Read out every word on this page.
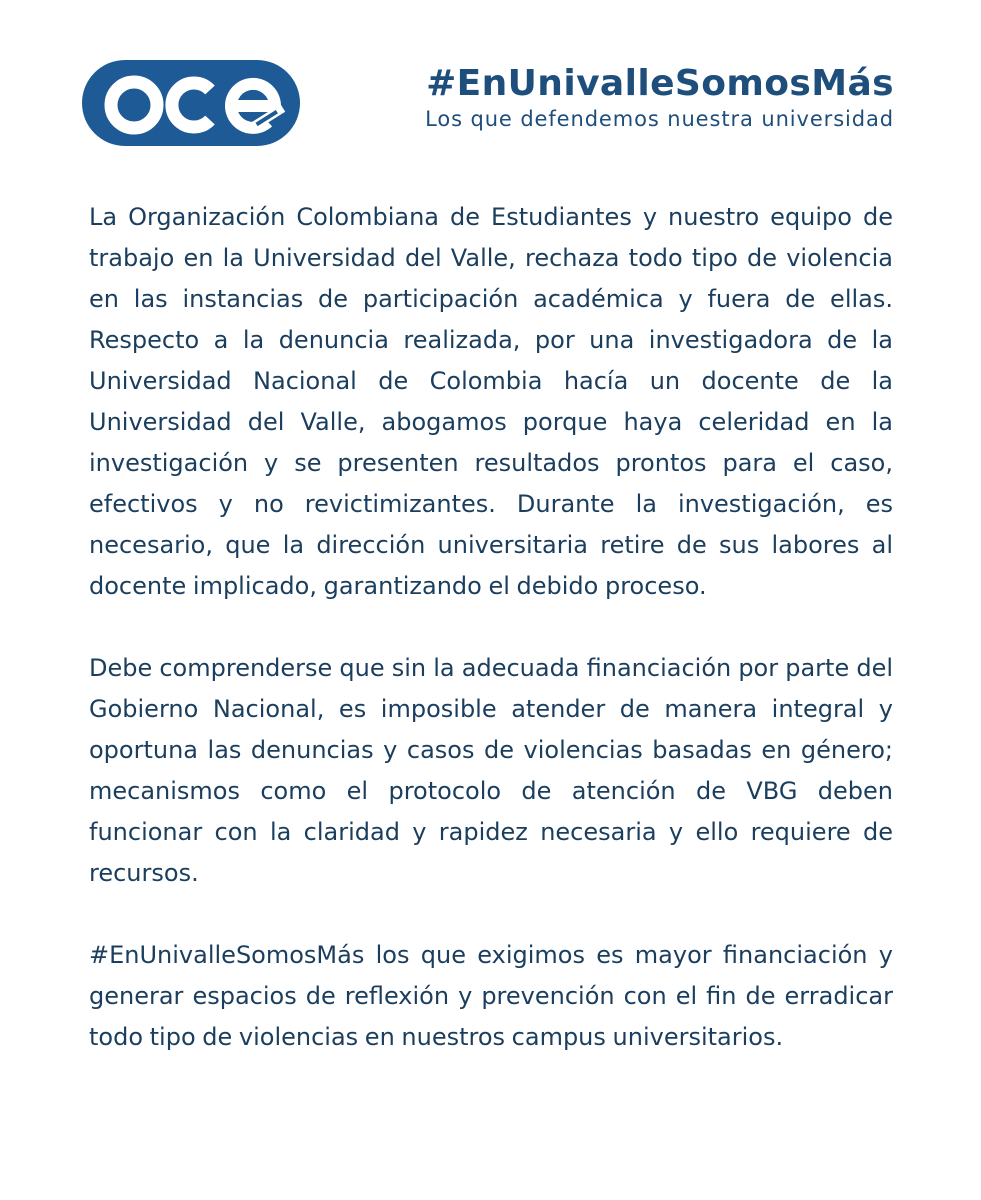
#EnUnivalleSomosMás
Los que defendemos nuestra universidad

La Organización Colombiana de Estudiantes y nuestro equipo de trabajo en la Universidad del Valle, rechaza todo tipo de violencia en las instancias de participación académica y fuera de ellas. Respecto a la denuncia realizada, por una investigadora de la Universidad Nacional de Colombia hacía un docente de la Universidad del Valle, abogamos porque haya celeridad en la investigación y se presenten resultados prontos para el caso, efectivos y no revictimizantes. Durante la investigación, es necesario, que la dirección universitaria retire de sus labores al docente implicado, garantizando el debido proceso.

Debe comprenderse que sin la adecuada financiación por parte del Gobierno Nacional, es imposible atender de manera integral y oportuna las denuncias y casos de violencias basadas en género; mecanismos como el protocolo de atención de VBG deben funcionar con la claridad y rapidez necesaria y ello requiere de recursos.

#EnUnivalleSomosMás los que exigimos es mayor financiación y generar espacios de reflexión y prevención con el fin de erradicar todo tipo de violencias en nuestros campus universitarios.
